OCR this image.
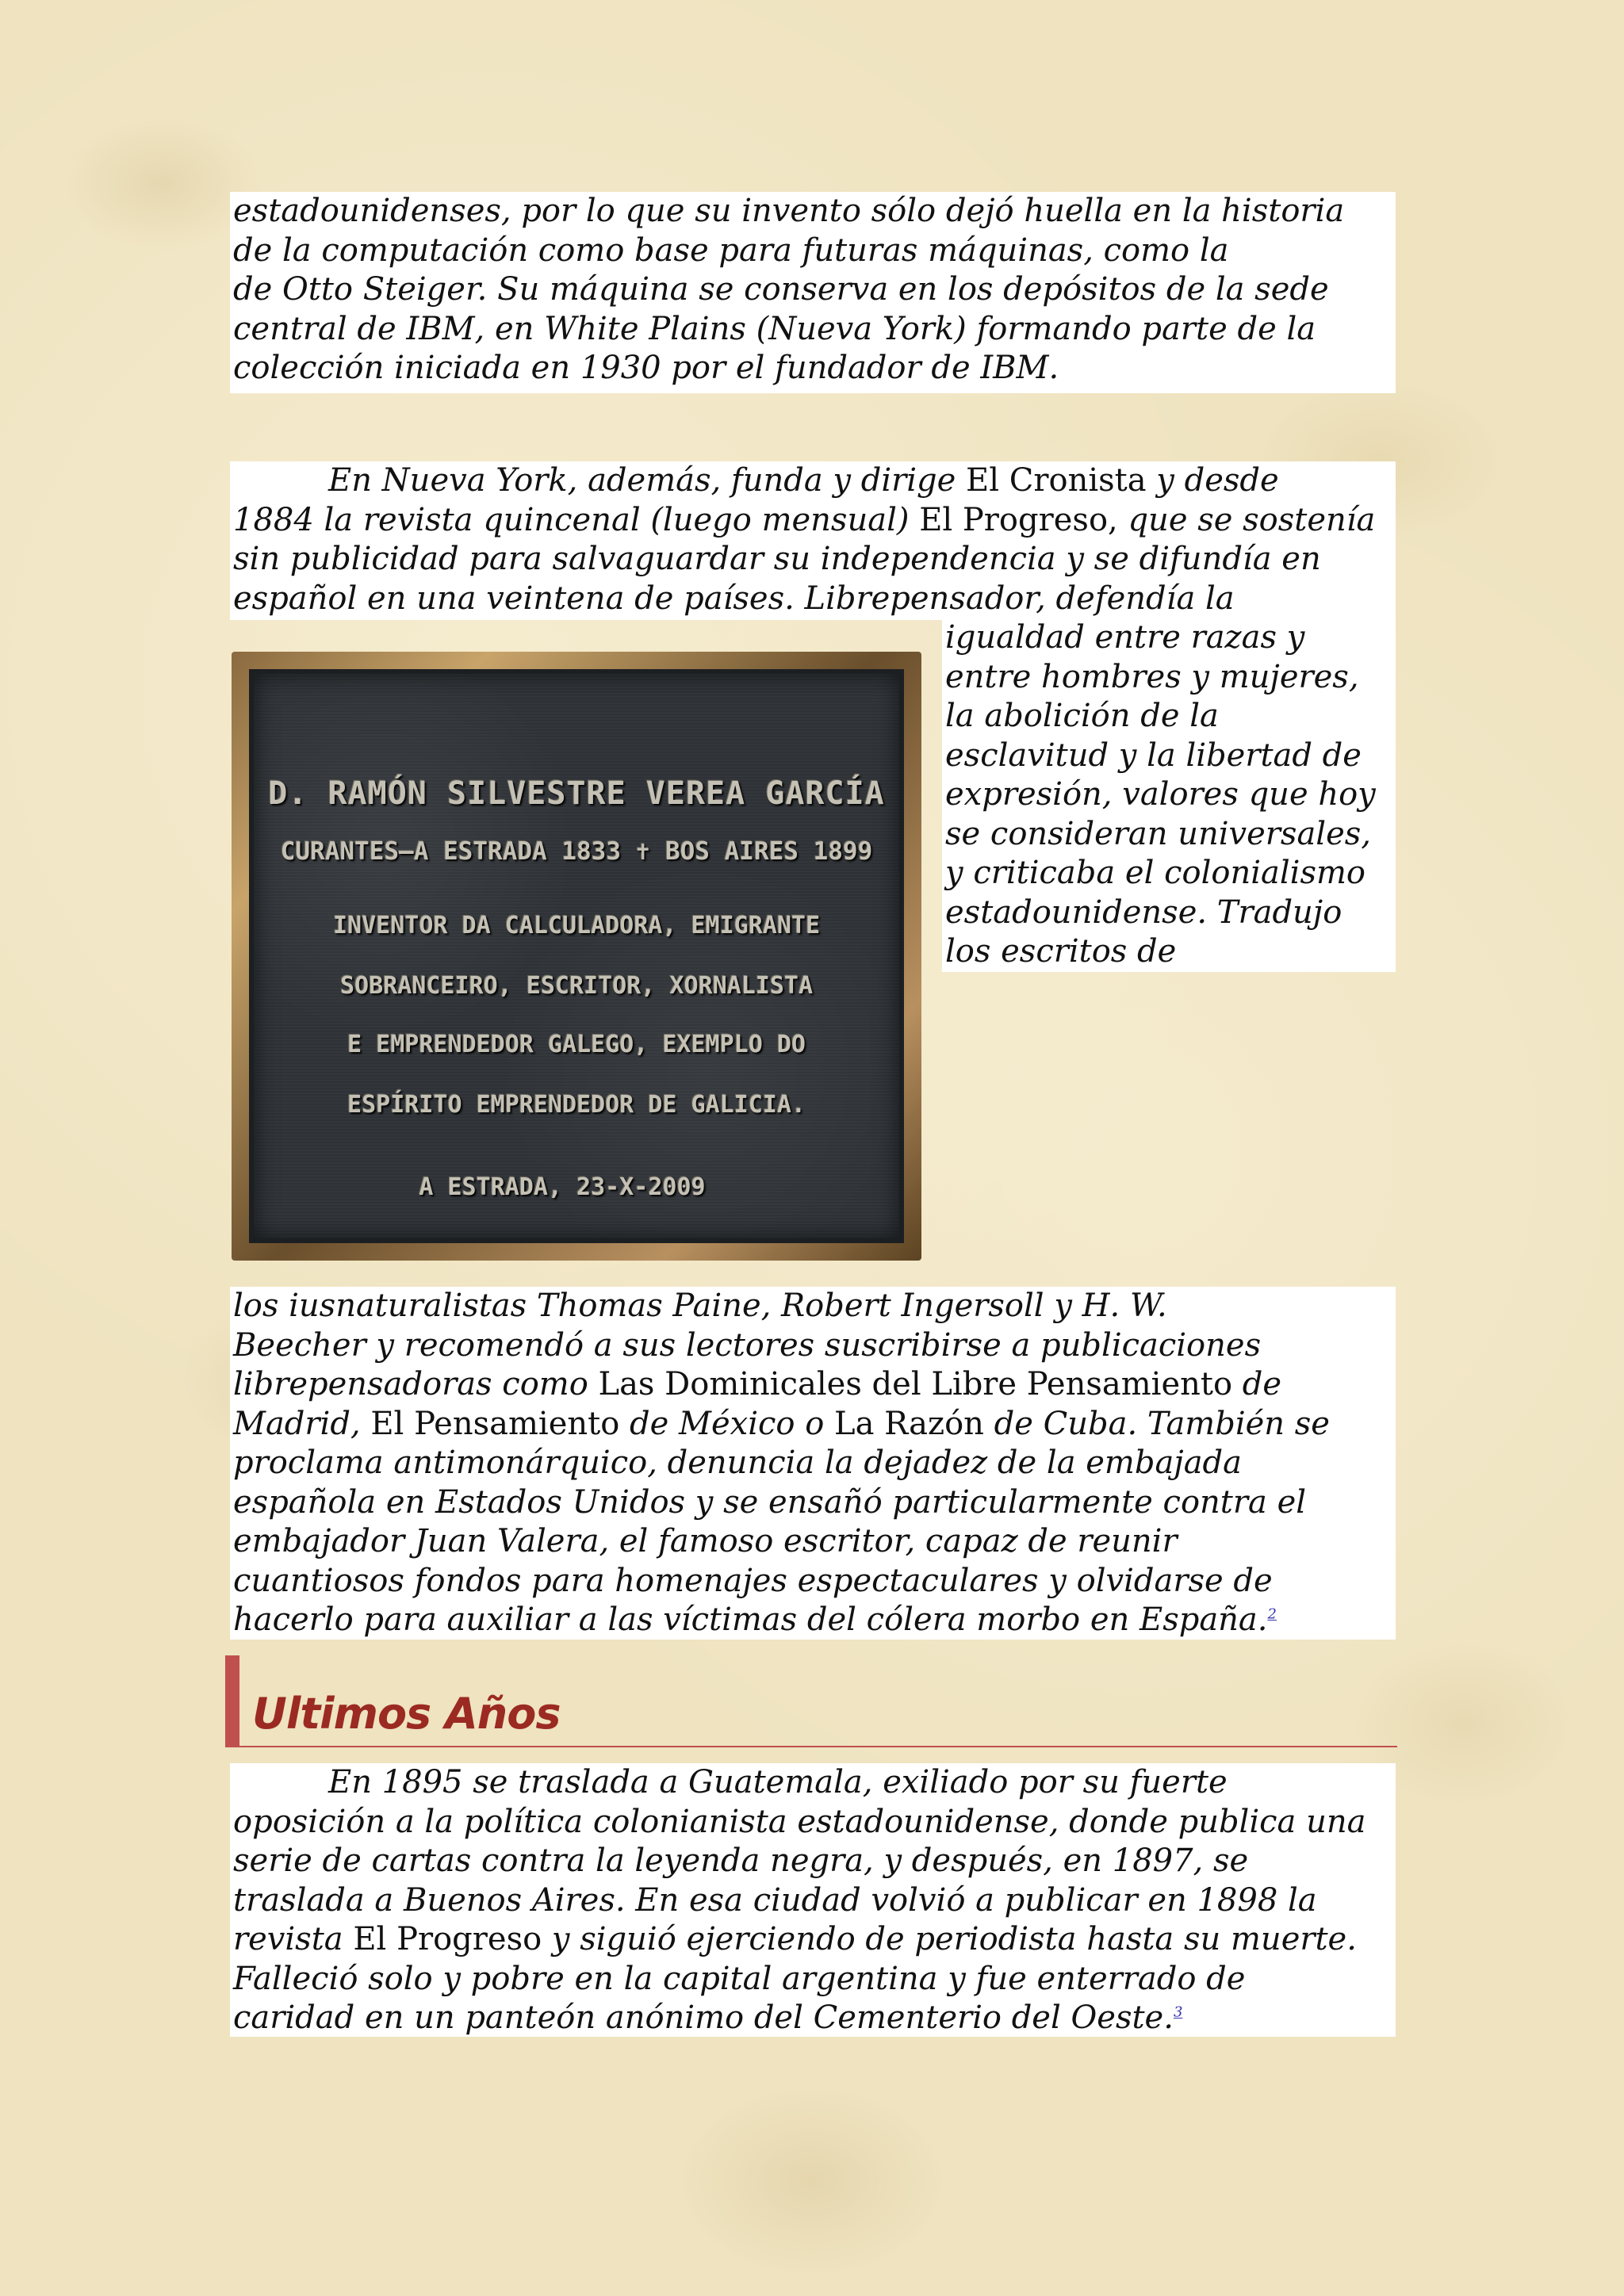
estadounidenses, por lo que su invento sólo dejó huella en la historia
de la computación como base para futuras máquinas, como la
de Otto Steiger. Su máquina se conserva en los depósitos de la sede
central de IBM, en White Plains (Nueva York) formando parte de la
colección iniciada en 1930 por el fundador de IBM.
En Nueva York, además, funda y dirige El Cronista y desde
1884 la revista quincenal (luego mensual) El Progreso, que se sostenía
sin publicidad para salvaguardar su independencia y se difundía en
español en una veintena de países. Librepensador, defendía la
D. RAMÓN SILVESTRE VEREA GARCÍA
CURANTES–A ESTRADA 1833 ✝ BOS AIRES 1899
INVENTOR DA CALCULADORA, EMIGRANTE
SOBRANCEIRO, ESCRITOR, XORNALISTA
E EMPRENDEDOR GALEGO, EXEMPLO DO
ESPÍRITO EMPRENDEDOR DE GALICIA.
A ESTRADA, 23-X-2009
igualdad entre razas y
entre hombres y mujeres,
la abolición de la
esclavitud y la libertad de
expresión, valores que hoy
se consideran universales,
y criticaba el colonialismo
estadounidense. Tradujo
los escritos de
los iusnaturalistas Thomas Paine, Robert Ingersoll y H. W.
Beecher y recomendó a sus lectores suscribirse a publicaciones
librepensadoras como Las Dominicales del Libre Pensamiento de
Madrid, El Pensamiento de México o La Razón de Cuba. También se
proclama antimonárquico, denuncia la dejadez de la embajada
española en Estados Unidos y se ensañó particularmente contra el
embajador Juan Valera, el famoso escritor, capaz de reunir
cuantiosos fondos para homenajes espectaculares y olvidarse de
hacerlo para auxiliar a las víctimas del cólera morbo en España.$^2$
Ultimos Años
En 1895 se traslada a Guatemala, exiliado por su fuerte
oposición a la política colonianista estadounidense, donde publica una
serie de cartas contra la leyenda negra, y después, en 1897, se
traslada a Buenos Aires. En esa ciudad volvió a publicar en 1898 la
revista El Progreso y siguió ejerciendo de periodista hasta su muerte.
Falleció solo y pobre en la capital argentina y fue enterrado de
caridad en un panteón anónimo del Cementerio del Oeste.$^3$
